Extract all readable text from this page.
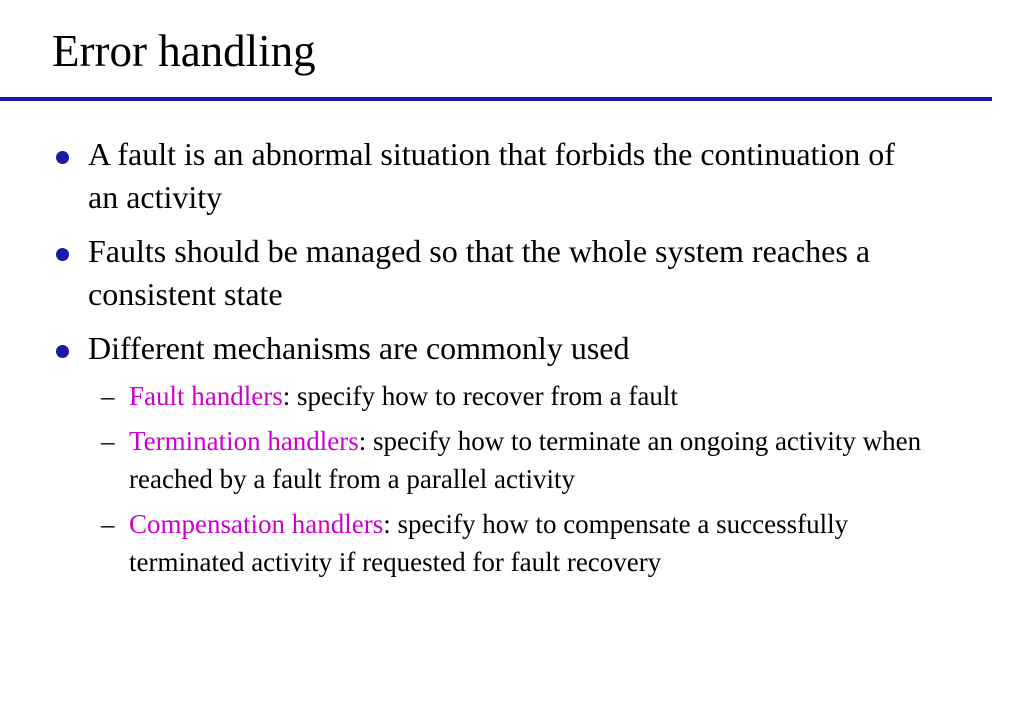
Error handling
A fault is an abnormal situation that forbids the continuation of an activity
Faults should be managed so that the whole system reaches a consistent state
Different mechanisms are commonly used
– Fault handlers: specify how to recover from a fault
– Termination handlers: specify how to terminate an ongoing activity when reached by a fault from a parallel activity
– Compensation handlers: specify how to compensate a successfully terminated activity if requested for fault recovery
